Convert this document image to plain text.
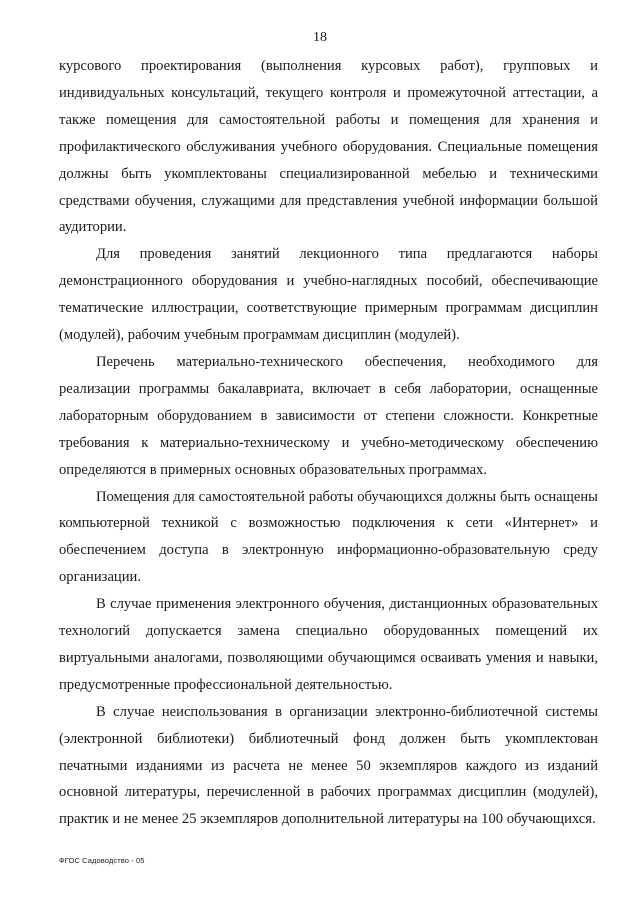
18

курсового проектирования (выполнения курсовых работ), групповых и индивидуальных консультаций, текущего контроля и промежуточной аттестации, а также помещения для самостоятельной работы и помещения для хранения и профилактического обслуживания учебного оборудования. Специальные помещения должны быть укомплектованы специализированной мебелью и техническими средствами обучения, служащими для представления учебной информации большой аудитории.

Для проведения занятий лекционного типа предлагаются наборы демонстрационного оборудования и учебно-наглядных пособий, обеспечивающие тематические иллюстрации, соответствующие примерным программам дисциплин (модулей), рабочим учебным программам дисциплин (модулей).

Перечень материально-технического обеспечения, необходимого для реализации программы бакалавриата, включает в себя лаборатории, оснащенные лабораторным оборудованием в зависимости от степени сложности. Конкретные требования к материально-техническому и учебно-методическому обеспечению определяются в примерных основных образовательных программах.

Помещения для самостоятельной работы обучающихся должны быть оснащены компьютерной техникой с возможностью подключения к сети «Интернет» и обеспечением доступа в электронную информационно-образовательную среду организации.

В случае применения электронного обучения, дистанционных образовательных технологий допускается замена специально оборудованных помещений их виртуальными аналогами, позволяющими обучающимся осваивать умения и навыки, предусмотренные профессиональной деятельностью.

В случае неиспользования в организации электронно-библиотечной системы (электронной библиотеки) библиотечный фонд должен быть укомплектован печатными изданиями из расчета не менее 50 экземпляров каждого из изданий основной литературы, перечисленной в рабочих программах дисциплин (модулей), практик и не менее 25 экземпляров дополнительной литературы на 100 обучающихся.

ФГОС Садоводство - 05
